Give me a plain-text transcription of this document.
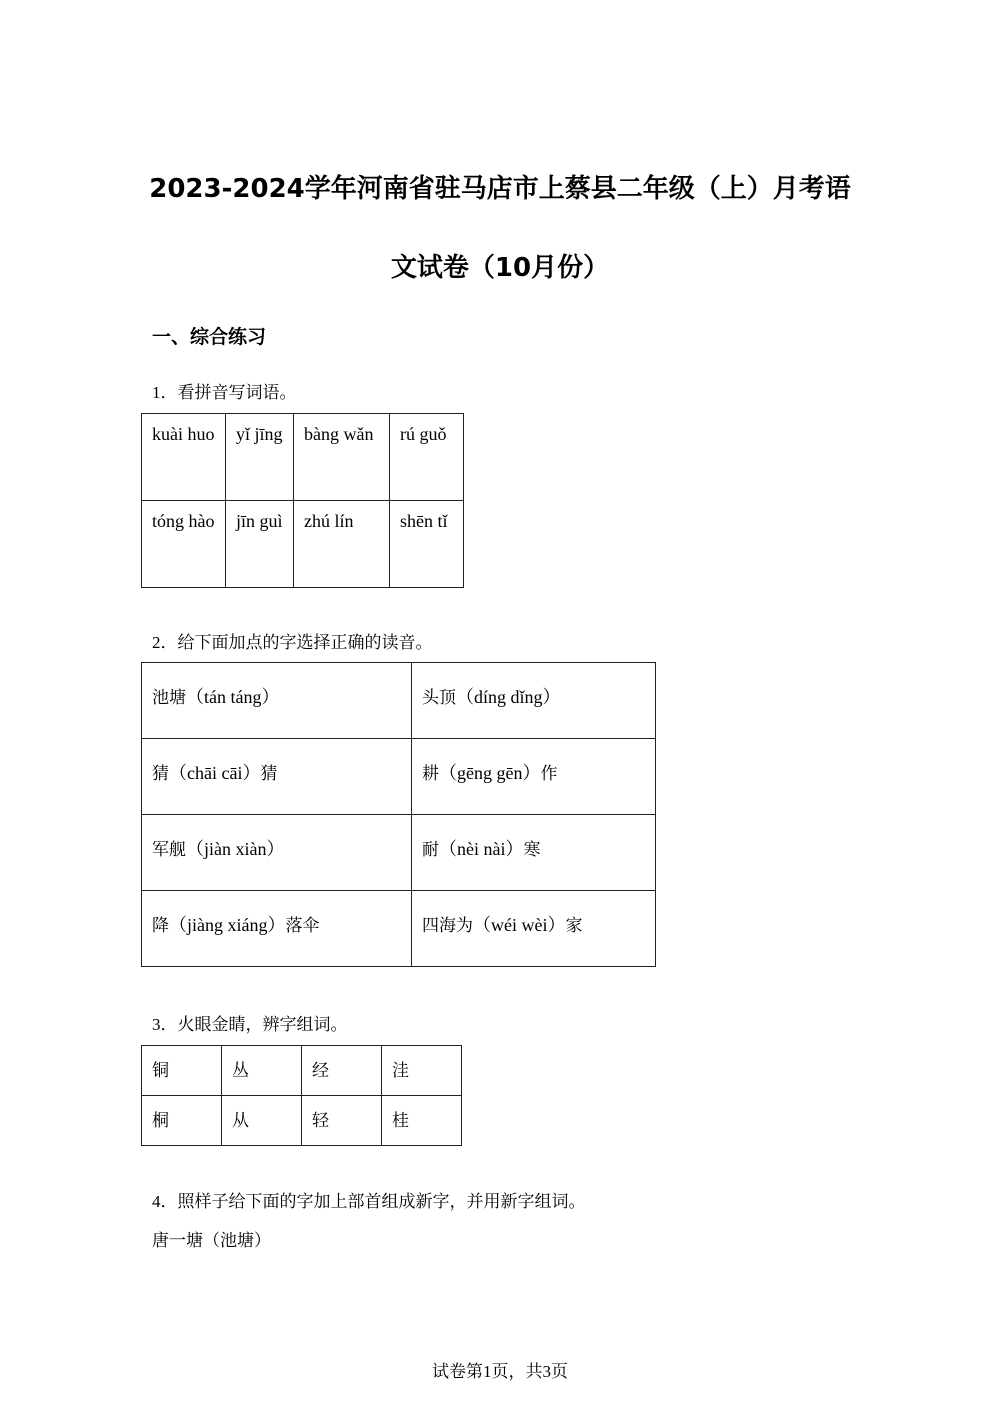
2023-2024学年河南省驻马店市上蔡县二年级（上）月考语
文试卷（10月份）
一、综合练习
1．看拼音写词语。
kuài huo	yǐ jīng	bàng wǎn	rú guǒ
tóng hào	jīn guì	zhú lín	shēn tǐ
2．给下面加点的字选择正确的读音。
池塘（tán táng）	头顶（díng dǐng）
猜（chāi cāi）猜	耕（gēng gēn）作
军舰（jiàn xiàn）	耐（nèi nài）寒
降（jiàng xiáng）落伞	四海为（wéi wèi）家
3．火眼金睛，辨字组词。
铜	丛	经	洼
桐	从	轻	桂
4．照样子给下面的字加上部首组成新字，并用新字组词。
唐一塘（池塘）
试卷第1页，共3页
